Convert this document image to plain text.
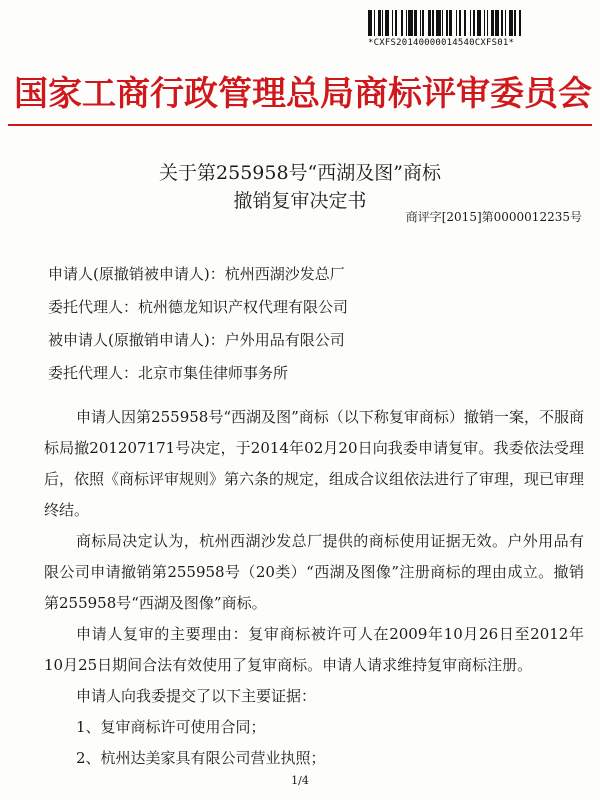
*CXFS20140000014540CXFS01*
国家工商行政管理总局商标评审委员会
关于第255958号“西湖及图”商标
撤销复审决定书
商评字[2015]第0000012235号
申请人(原撤销被申请人)：杭州西湖沙发总厂
委托代理人：杭州德龙知识产权代理有限公司
被申请人(原撤销申请人)：户外用品有限公司
委托代理人：北京市集佳律师事务所

申请人因第255958号“西湖及图”商标（以下称复审商标）撤销一案，不服商标局撤201207171号决定，于2014年02月20日向我委申请复审。我委依法受理后，依照《商标评审规则》第六条的规定，组成合议组依法进行了审理，现已审理终结。

商标局决定认为，杭州西湖沙发总厂提供的商标使用证据无效。户外用品有限公司申请撤销第255958号（20类）“西湖及图像”注册商标的理由成立。撤销第255958号“西湖及图像”商标。

申请人复审的主要理由：复审商标被许可人在2009年10月26日至2012年10月25日期间合法有效使用了复审商标。申请人请求维持复审商标注册。

申请人向我委提交了以下主要证据：

1、复审商标许可使用合同；

2、杭州达美家具有限公司营业执照；

1/4
